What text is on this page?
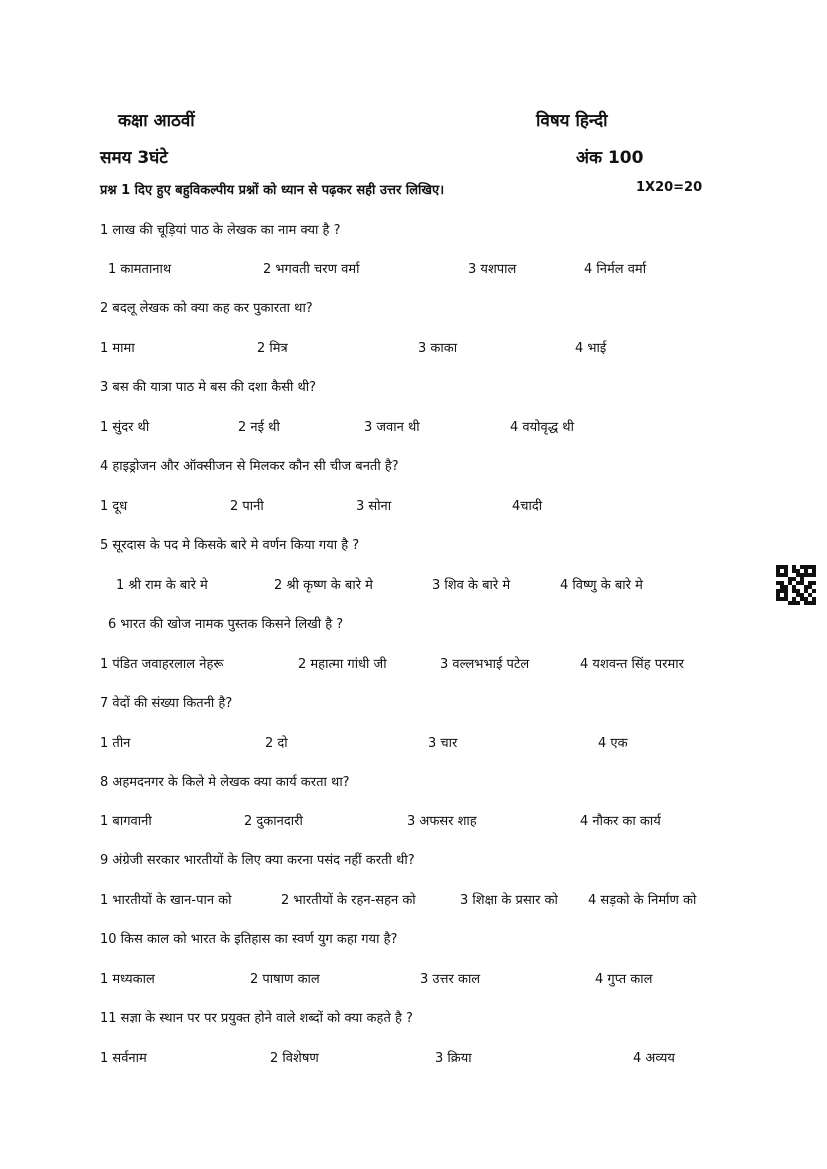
कक्षा आठवीं	विषय हिन्दी
समय 3घंटे	अंक 100
प्रश्न 1 दिए हुए बहुविकल्पीय प्रश्नों को ध्यान से पढ़कर सही उत्तर लिखिए।	1X20=20
1 लाख की चूड़ियां पाठ के लेखक का नाम क्या है ?
1 कामतानाथ	2 भगवती चरण वर्मा	3 यशपाल	4 निर्मल वर्मा
2 बदलू लेखक को क्या कह कर पुकारता था?
1 मामा	2 मित्र	3 काका	4 भाई
3 बस की यात्रा पाठ मे बस की दशा कैसी थी?
1 सुंदर थी	2 नई थी	3 जवान थी	4 वयोवृद्ध थी
4 हाइड्रोजन और ऑक्सीजन से मिलकर कौन सी चीज बनती है?
1 दूध	2 पानी	3 सोना	4चादी
5 सूरदास के पद मे किसके बारे मे वर्णन किया गया है ?
1 श्री राम के बारे मे	2 श्री कृष्ण के बारे मे	3 शिव के बारे मे	4 विष्णु के बारे मे
6 भारत की खोज नामक पुस्तक किसने लिखी है ?
1 पंडित जवाहरलाल नेहरू	2 महात्मा गांधी जी	3 वल्लभभाई पटेल	4 यशवन्त सिंह परमार
7 वेदों की संख्या कितनी है?
1 तीन	2 दो	3 चार	4 एक
8 अहमदनगर के किले मे लेखक क्या कार्य करता था?
1 बागवानी	2 दुकानदारी	3 अफसर शाह	4 नौकर का कार्य
9 अंग्रेजी सरकार भारतीयों के लिए क्या करना पसंद नहीं करती थी?
1 भारतीयों के खान-पान को	2 भारतीयों के रहन-सहन को	3 शिक्षा के प्रसार को 4 सड़को के निर्माण को
10 किस काल को भारत के इतिहास का स्वर्ण युग कहा गया है?
1 मध्यकाल	2 पाषाण काल	3 उत्तर काल	4 गुप्त काल
11 सज्ञा के स्थान पर पर प्रयुक्त होने वाले शब्दों को क्या कहते है ?
1 सर्वनाम	2 विशेषण	3 क्रिया	4 अव्यय
